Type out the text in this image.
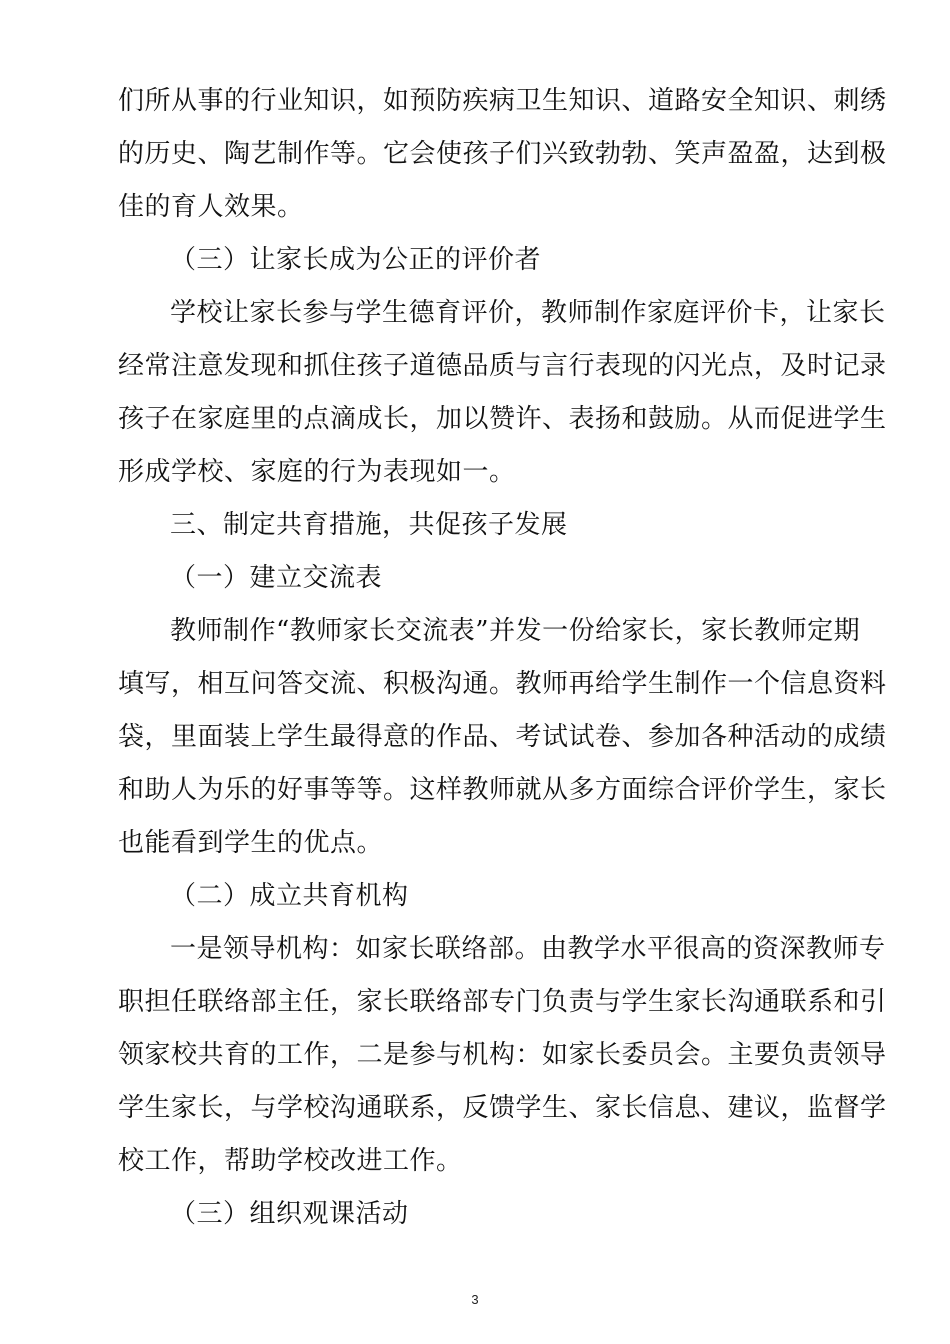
们所从事的行业知识，如预防疾病卫生知识、道路安全知识、刺绣
的历史、陶艺制作等。它会使孩子们兴致勃勃、笑声盈盈，达到极
佳的育人效果。
（三）让家长成为公正的评价者
学校让家长参与学生德育评价，教师制作家庭评价卡，让家长
经常注意发现和抓住孩子道德品质与言行表现的闪光点，及时记录
孩子在家庭里的点滴成长，加以赞许、表扬和鼓励。从而促进学生
形成学校、家庭的行为表现如一。
三、制定共育措施，共促孩子发展
（一）建立交流表
教师制作“教师家长交流表”并发一份给家长，家长教师定期
填写，相互问答交流、积极沟通。教师再给学生制作一个信息资料
袋，里面装上学生最得意的作品、考试试卷、参加各种活动的成绩
和助人为乐的好事等等。这样教师就从多方面综合评价学生，家长
也能看到学生的优点。
（二）成立共育机构
一是领导机构：如家长联络部。由教学水平很高的资深教师专
职担任联络部主任，家长联络部专门负责与学生家长沟通联系和引
领家校共育的工作，二是参与机构：如家长委员会。主要负责领导
学生家长，与学校沟通联系，反馈学生、家长信息、建议，监督学
校工作，帮助学校改进工作。
（三）组织观课活动
3
